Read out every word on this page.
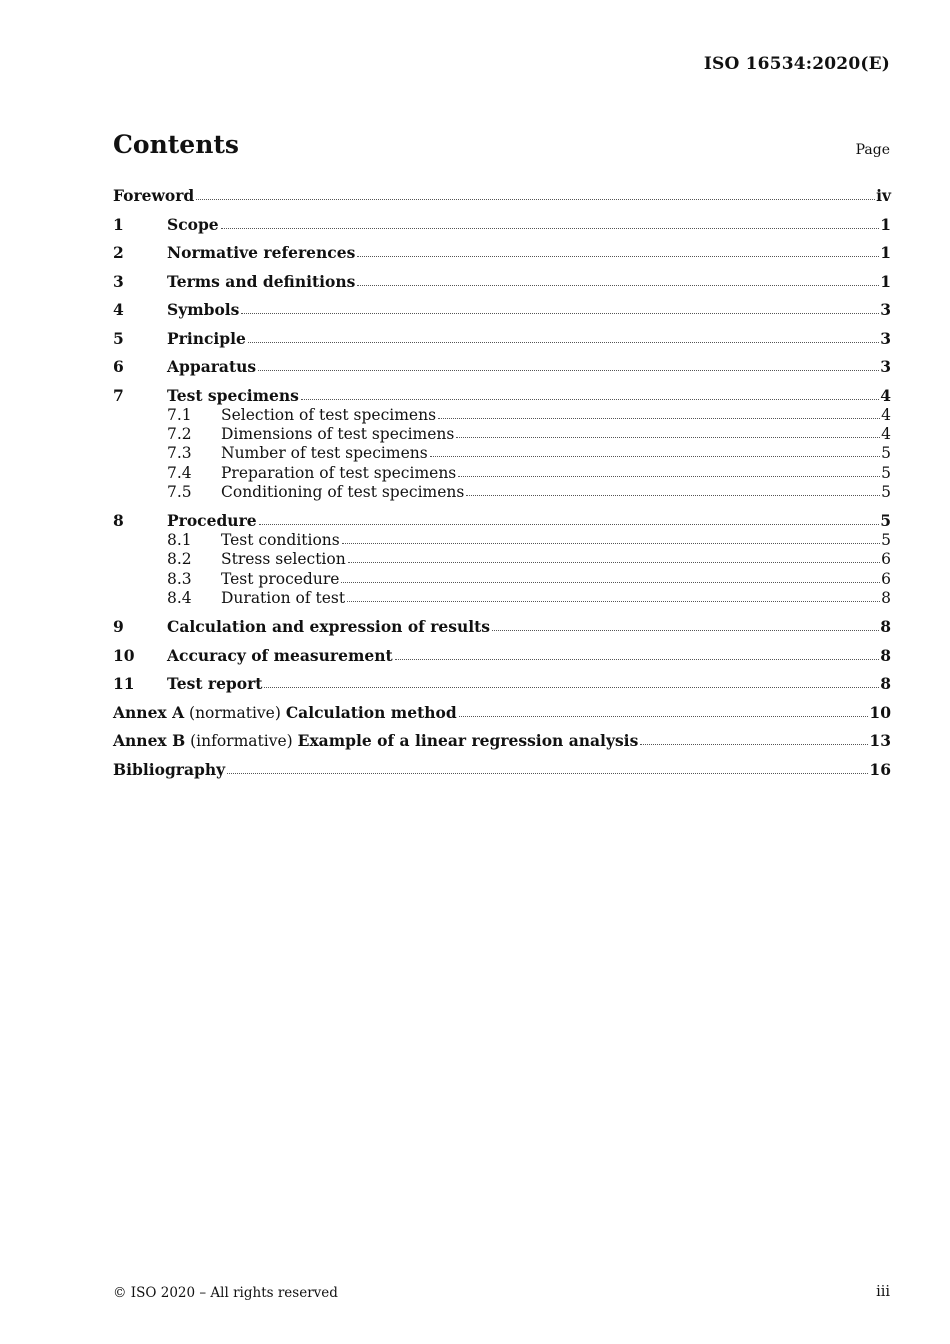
ISO 16534:2020(E)
Contents	Page
Foreword	iv
1	Scope	1
2	Normative references	1
3	Terms and definitions	1
4	Symbols	3
5	Principle	3
6	Apparatus	3
7	Test specimens	4
7.1	Selection of test specimens	4
7.2	Dimensions of test specimens	4
7.3	Number of test specimens	5
7.4	Preparation of test specimens	5
7.5	Conditioning of test specimens	5
8	Procedure	5
8.1	Test conditions	5
8.2	Stress selection	6
8.3	Test procedure	6
8.4	Duration of test	8
9	Calculation and expression of results	8
10	Accuracy of measurement	8
11	Test report	8
Annex A (normative) Calculation method	10
Annex B (informative) Example of a linear regression analysis	13
Bibliography	16
© ISO 2020 – All rights reserved	iii
